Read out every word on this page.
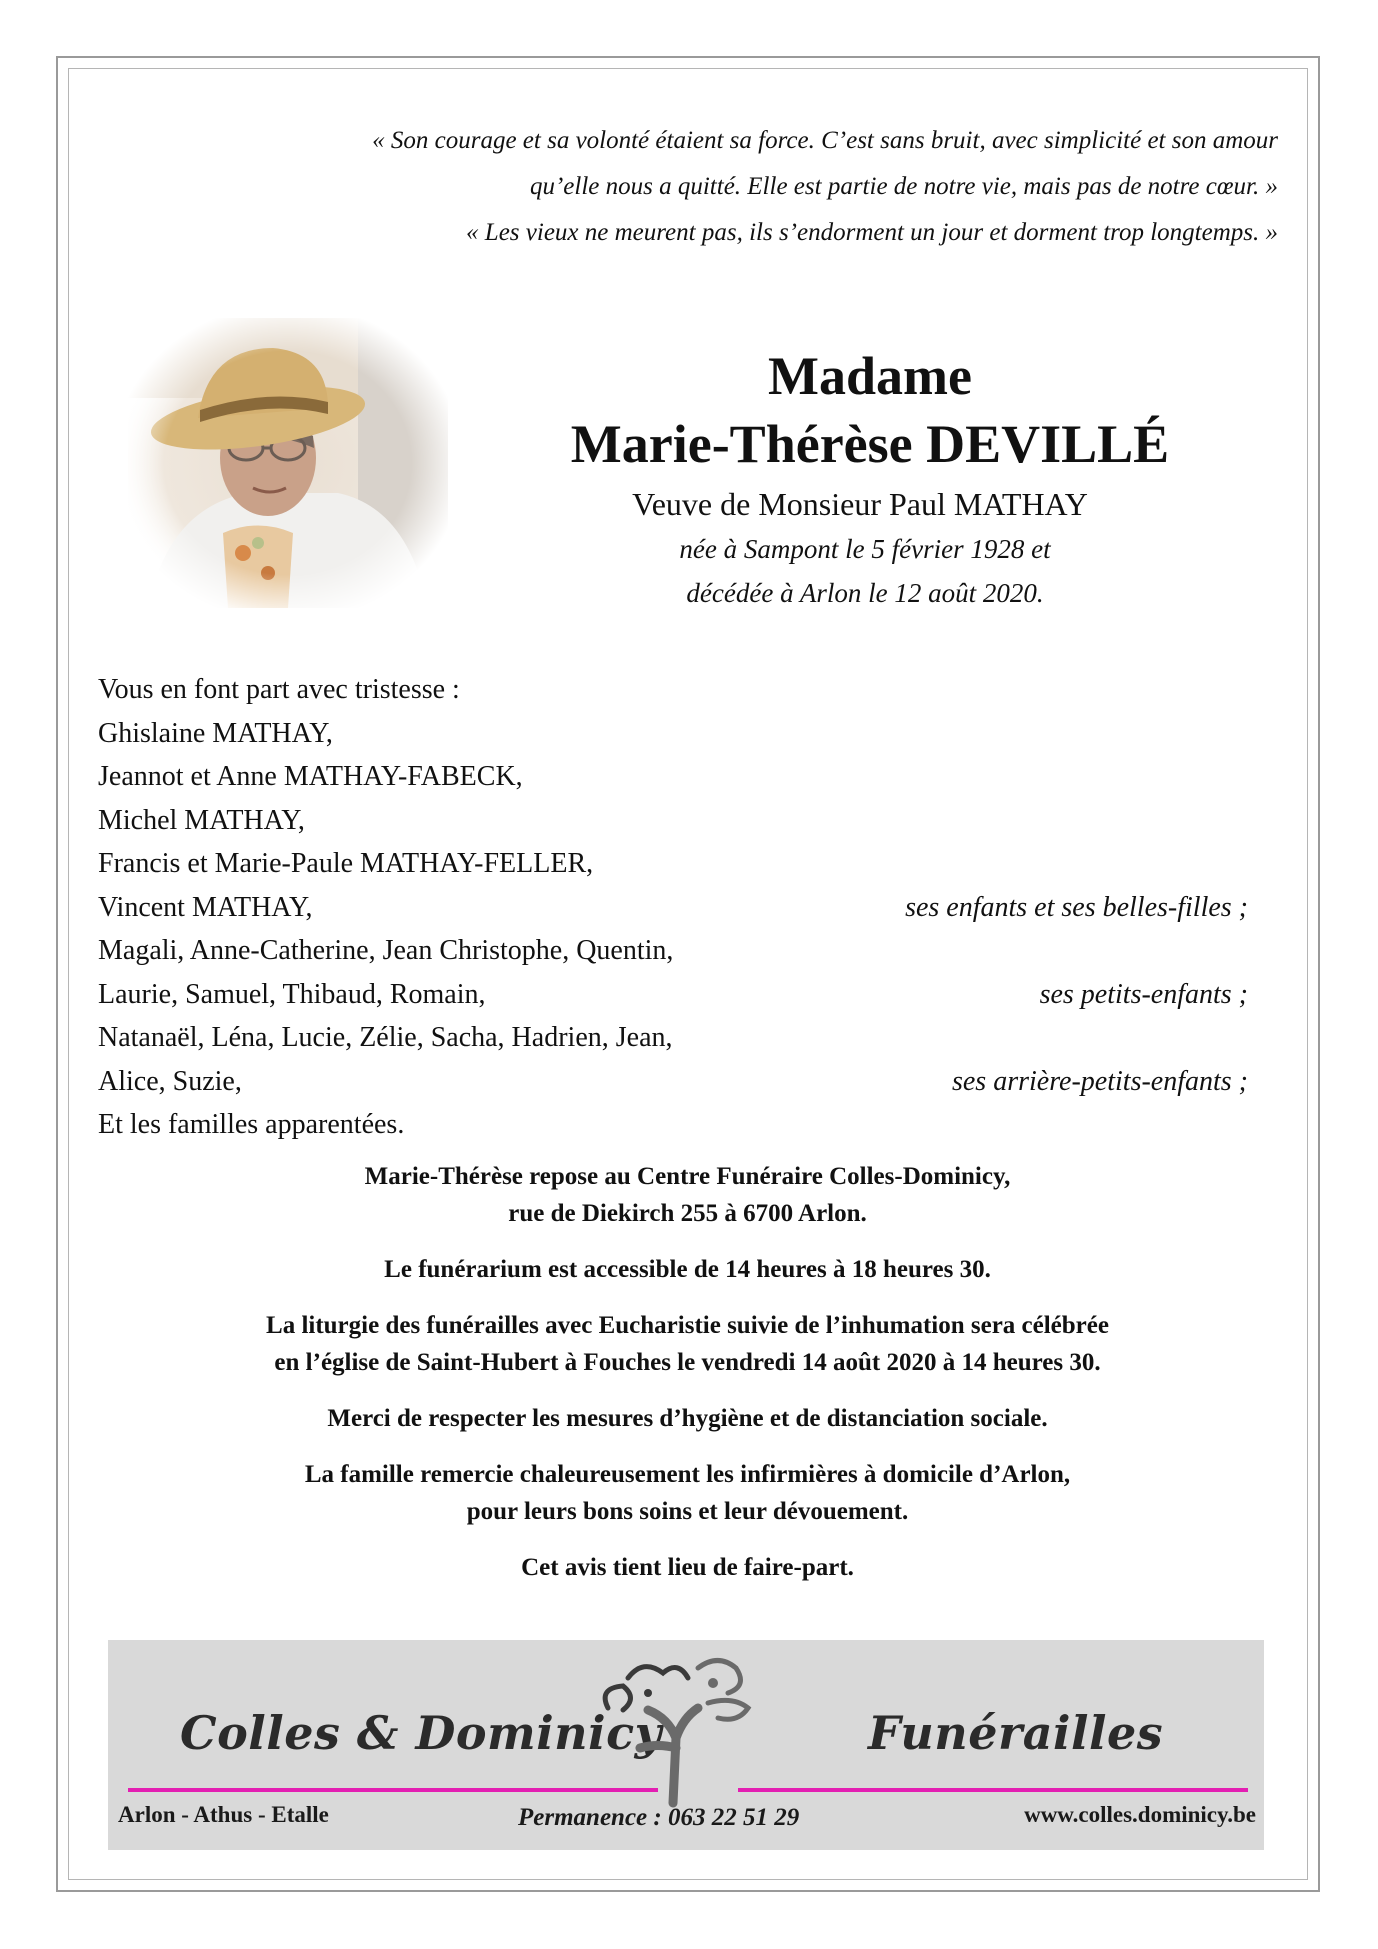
« Son courage et sa volonté étaient sa force. C’est sans bruit, avec simplicité et son amour
qu’elle nous a quitté. Elle est partie de notre vie, mais pas de notre cœur. »
« Les vieux ne meurent pas, ils s’endorment un jour et dorment trop longtemps. »
Madame
Marie-Thérèse DEVILLÉ
Veuve de Monsieur Paul MATHAY
née à Sampont le 5 février 1928 et
décédée à Arlon le 12 août 2020.
Vous en font part avec tristesse :
Ghislaine MATHAY,
Jeannot et Anne MATHAY-FABECK,
Michel MATHAY,
Francis et Marie-Paule MATHAY-FELLER,
Vincent MATHAY,	ses enfants et ses belles-filles ;
Magali, Anne-Catherine, Jean Christophe, Quentin,
Laurie, Samuel, Thibaud, Romain,	ses petits-enfants ;
Natanaël, Léna, Lucie, Zélie, Sacha, Hadrien, Jean,
Alice, Suzie,	ses arrière-petits-enfants ;
Et les familles apparentées.
Marie-Thérèse repose au Centre Funéraire Colles-Dominicy,
rue de Diekirch 255 à 6700 Arlon.
Le funérarium est accessible de 14 heures à 18 heures 30.
La liturgie des funérailles avec Eucharistie suivie de l’inhumation sera célébrée
en l’église de Saint-Hubert à Fouches le vendredi 14 août 2020 à 14 heures 30.
Merci de respecter les mesures d’hygiène et de distanciation sociale.
La famille remercie chaleureusement les infirmières à domicile d’Arlon,
pour leurs bons soins et leur dévouement.
Cet avis tient lieu de faire-part.
Colles & Dominicy	Funérailles
Arlon - Athus - Etalle	Permanence : 063 22 51 29	www.colles.dominicy.be
